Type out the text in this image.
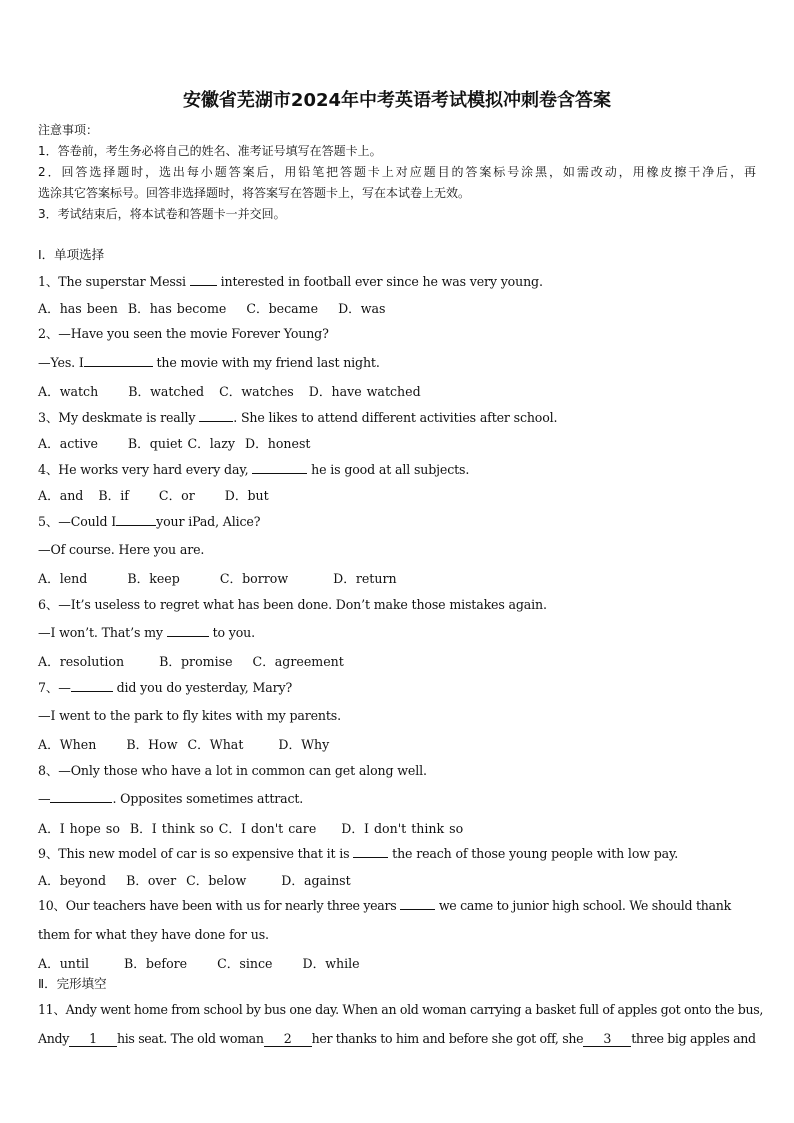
安徽省芜湖市2024年中考英语考试模拟冲刺卷含答案
注意事项：
1．答卷前，考生务必将自己的姓名、准考证号填写在答题卡上。
2．回答选择题时，选出每小题答案后，用铅笔把答题卡上对应题目的答案标号涂黑，如需改动，用橡皮擦干净后，再
选涂其它答案标号。回答非选择题时，将答案写在答题卡上，写在本试卷上无效。
3．考试结束后，将本试卷和答题卡一并交回。
Ⅰ．单项选择
1、The superstar Messi  interested in football ever since he was very young.
A．has been  B．has become    C．became    D．was
2、—Have you seen the movie Forever Young?
—Yes. I	the movie with my friend last night.
A．watch      B．watched   C．watches   D．have watched
3、My deskmate is really	. She likes to attend different activities after school.
A．active      B．quiet C．lazy  D．honest
4、He works very hard every day,	he is good at all subjects.
A．and   B．if      C．or      D．but
5、—Could I	your iPad, Alice?
—Of course. Here you are.
A．lend        B．keep        C．borrow         D．return
6、—It’s useless to regret what has been done. Don’t make those mistakes again.
—I won’t. That’s my	to you.
A．resolution       B．promise    C．agreement
7、—	did you do yesterday, Mary?
—I went to the park to fly kites with my parents.
A．When      B．How  C．What       D．Why
8、—Only those who have a lot in common can get along well.
—	. Opposites sometimes attract.
A．I hope so  B．I think so C．I don't care     D．I don't think so
9、This new model of car is so expensive that it is	the reach of those young people with low pay.
A．beyond    B．over  C．below       D．against
10、Our teachers have been with us for nearly three years	we came to junior high school. We should thank
them for what they have done for us.
A．until       B．before      C．since      D．while
Ⅱ．完形填空
11、Andy went home from school by bus one day. When an old woman carrying a basket full of apples got onto the bus,
Andy 1 his seat. The old woman 2 her thanks to him and before she got off, she 3 three big apples and
